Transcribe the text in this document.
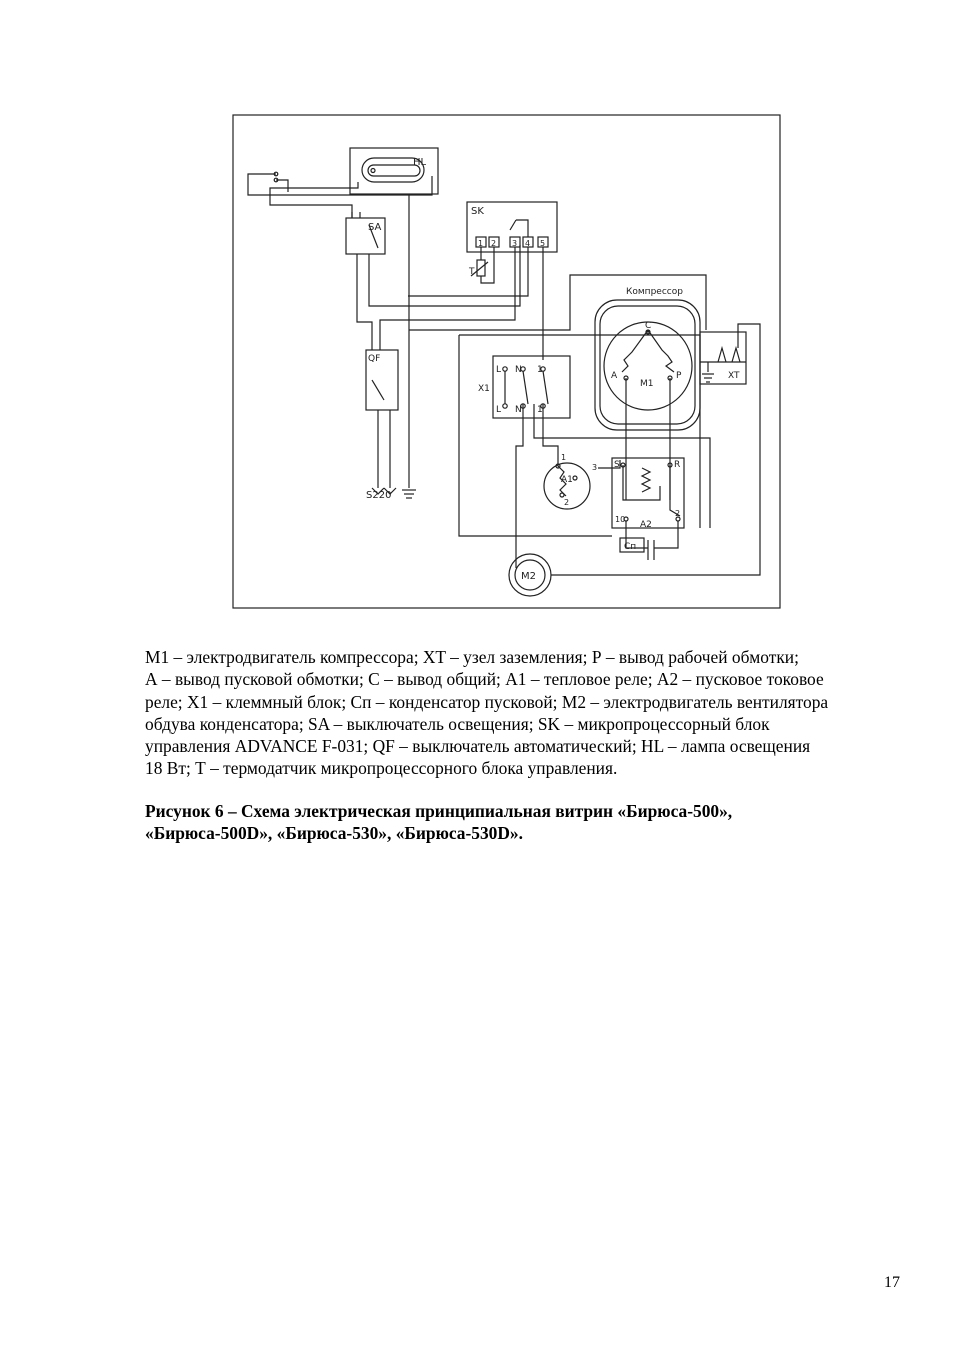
HL
SA
SK
1 2 3 4 5
T
Компрессор
C
A
M1
P	XT
QF
X1
L N 1
L N 1
A1
1
2
3 S	R
A2
10
2
Cп
M2
S220

М1 – электродвигатель компрессора; XT – узел заземления; Р – вывод рабочей обмотки;

А – вывод пусковой обмотки; С – вывод общий; А1 – тепловое реле; А2 – пусковое токовое

реле; Х1 – клеммный блок; Сп – конденсатор пусковой; М2 – электродвигатель вентилятора

обдува конденсатора; SA – выключатель освещения; SK – микропроцессорный блок

управления ADVANCE F-031; QF – выключатель автоматический; HL – лампа освещения

18 Вт; Т – термодатчик микропроцессорного блока управления.

Рисунок 6 – Схема электрическая принципиальная витрин «Бирюса-500»,

«Бирюса-500D», «Бирюса-530», «Бирюса-530D».

17
